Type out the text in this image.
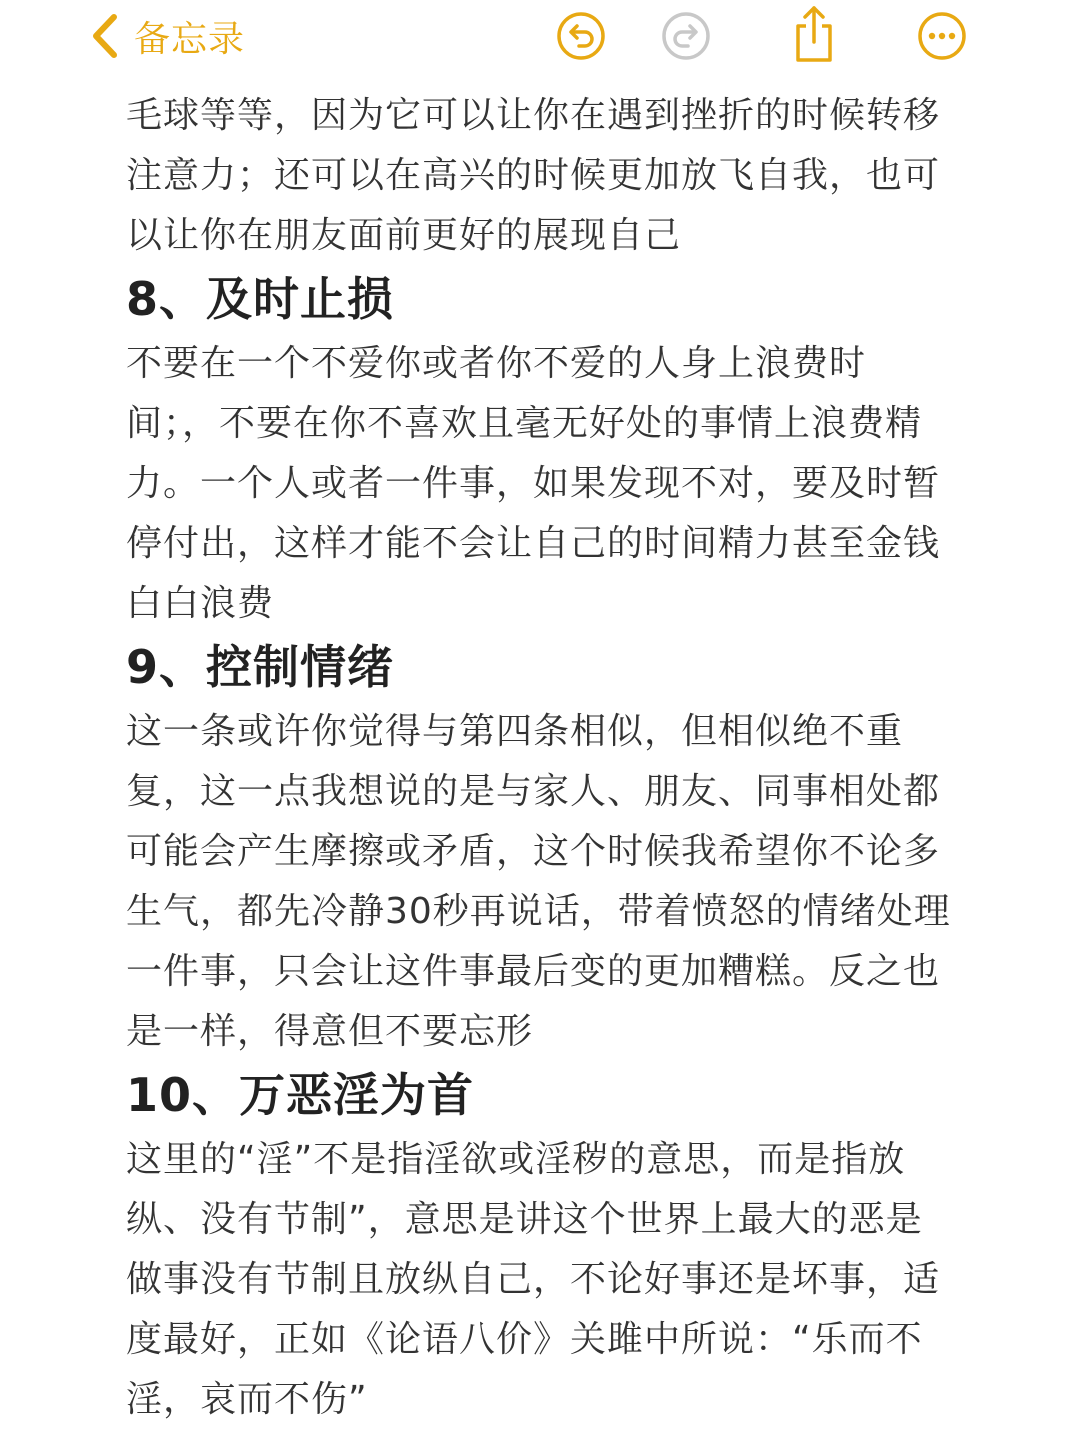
备忘录

毛球等等，因为它可以让你在遇到挫折的时候转移注意力；还可以在高兴的时候更加放飞自我，也可以让你在朋友面前更好的展现自己

8、及时止损

不要在一个不爱你或者你不爱的人身上浪费时间；，不要在你不喜欢且毫无好处的事情上浪费精力。一个人或者一件事，如果发现不对，要及时暂停付出，这样才能不会让自己的时间精力甚至金钱白白浪费

9、控制情绪

这一条或许你觉得与第四条相似，但相似绝不重复，这一点我想说的是与家人、朋友、同事相处都可能会产生摩擦或矛盾，这个时候我希望你不论多生气，都先冷静30秒再说话，带着愤怒的情绪处理一件事，只会让这件事最后变的更加糟糕。反之也是一样，得意但不要忘形

10、万恶淫为首

这里的“淫”不是指淫欲或淫秽的意思，而是指放纵、没有节制”，意思是讲这个世界上最大的恶是做事没有节制且放纵自己，不论好事还是坏事，适度最好，正如《论语八价》关雎中所说：“乐而不淫，哀而不伤”
